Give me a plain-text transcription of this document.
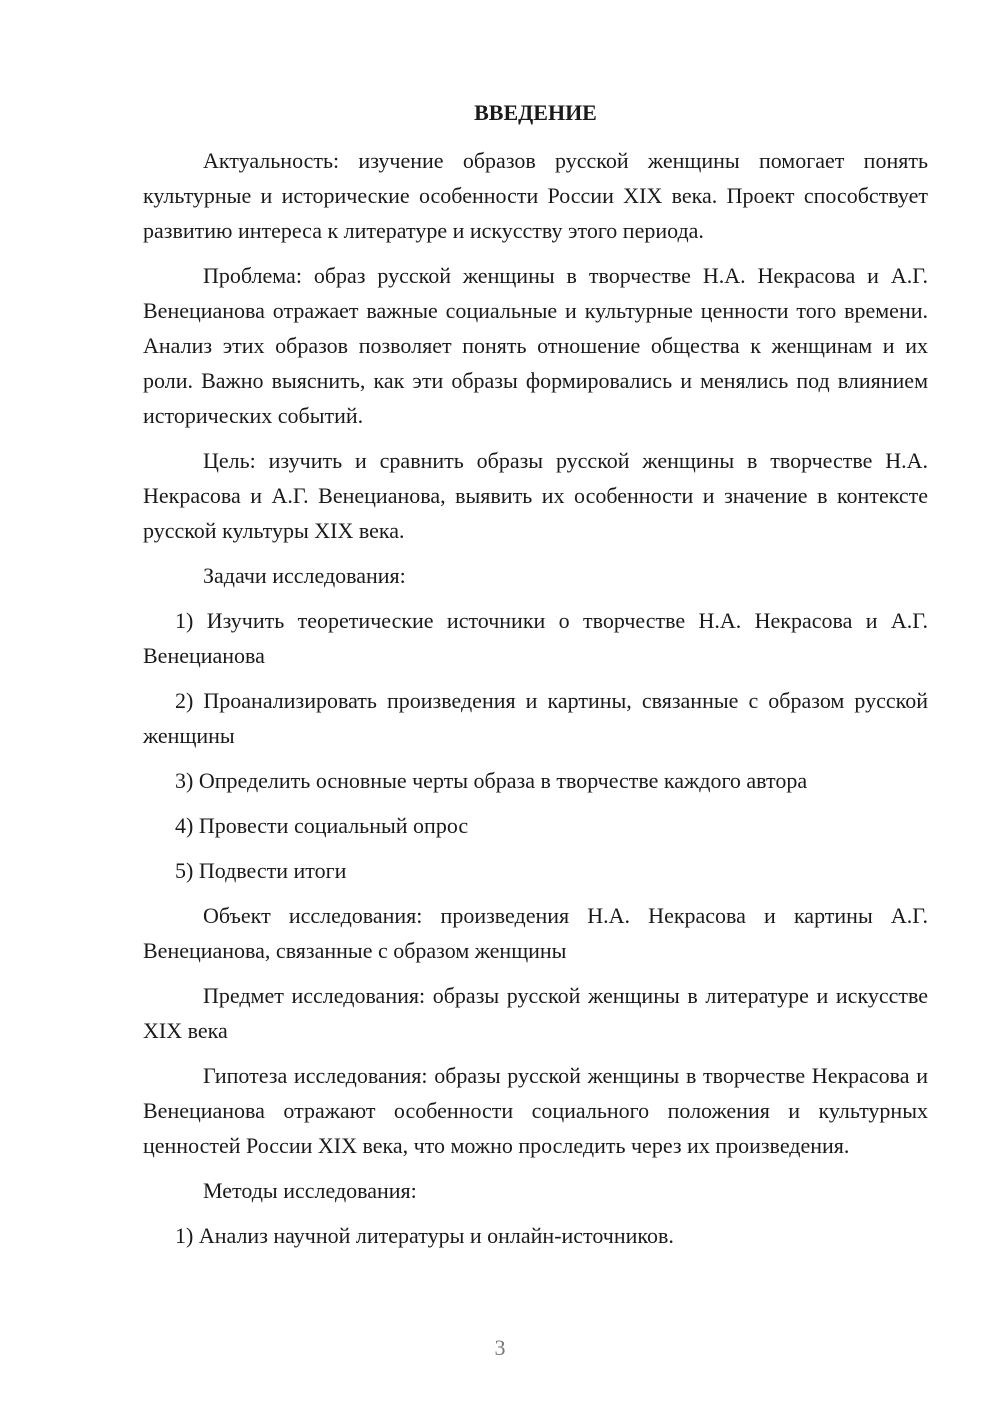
ВВЕДЕНИЕ
Актуальность: изучение образов русской женщины помогает понять культурные и исторические особенности России XIX века. Проект способствует развитию интереса к литературе и искусству этого периода.
Проблема: образ русской женщины в творчестве Н.А. Некрасова и А.Г. Венецианова отражает важные социальные и культурные ценности того времени. Анализ этих образов позволяет понять отношение общества к женщинам и их роли. Важно выяснить, как эти образы формировались и менялись под влиянием исторических событий.
Цель: изучить и сравнить образы русской женщины в творчестве Н.А. Некрасова и А.Г. Венецианова, выявить их особенности и значение в контексте русской культуры XIX века.
Задачи исследования:
1) Изучить теоретические источники о творчестве Н.А. Некрасова и А.Г. Венецианова
2) Проанализировать произведения и картины, связанные с образом русской женщины
3) Определить основные черты образа в творчестве каждого автора
4) Провести социальный опрос
5) Подвести итоги
Объект исследования: произведения Н.А. Некрасова и картины А.Г. Венецианова, связанные с образом женщины
Предмет исследования: образы русской женщины в литературе и искусстве XIX века
Гипотеза исследования: образы русской женщины в творчестве Некрасова и Венецианова отражают особенности социального положения и культурных ценностей России XIX века, что можно проследить через их произведения.
Методы исследования:
1) Анализ научной литературы и онлайн-источников.
3
